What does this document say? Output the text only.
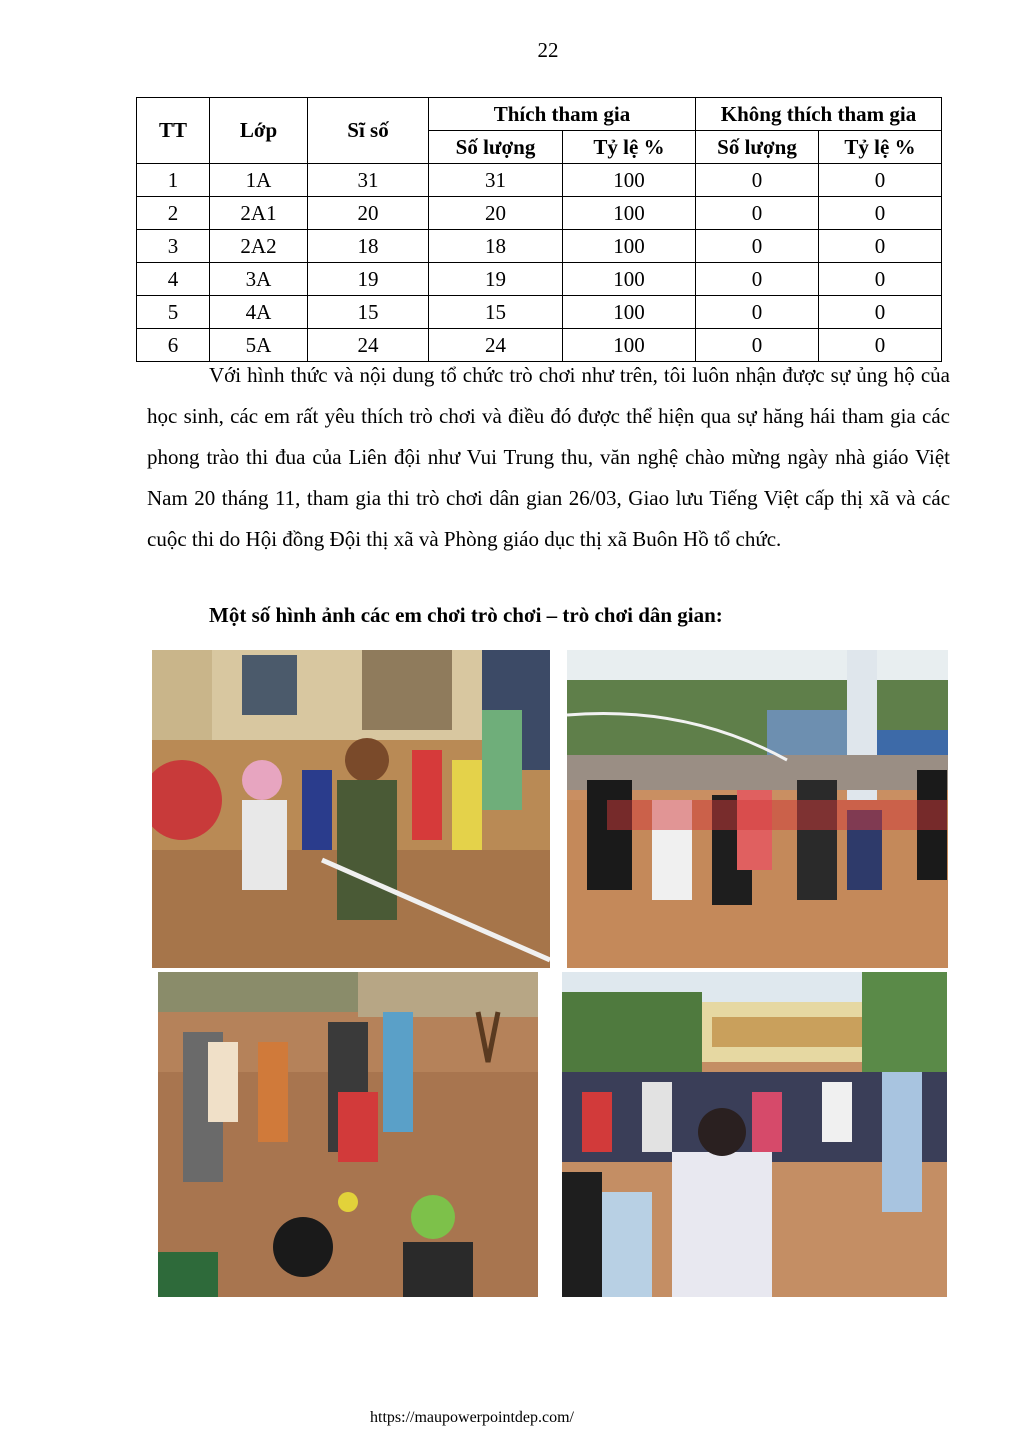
22
TT	Lớp	Sĩ số	Thích tham gia		Không thích tham gia	
			Số lượng	Tỷ lệ %	Số lượng	Tỷ lệ %
1	1A	31	31	100	0	0
2	2A1	20	20	100	0	0
3	2A2	18	18	100	0	0
4	3A	19	19	100	0	0
5	4A	15	15	100	0	0
6	5A	24	24	100	0	0

Với hình thức và nội dung tổ chức trò chơi như trên, tôi luôn nhận được sự ủng hộ của học sinh, các em rất yêu thích trò chơi và điều đó được thể hiện qua sự hăng hái tham gia các phong trào thi đua của Liên đội như Vui Trung thu, văn nghệ chào mừng ngày nhà giáo Việt Nam 20 tháng 11, tham gia thi trò chơi dân gian 26/03, Giao lưu Tiếng Việt cấp thị xã và các cuộc thi do Hội đồng Đội thị xã và Phòng giáo dục thị xã Buôn Hồ tổ chức.

Một số hình ảnh các em chơi trò chơi – trò chơi dân gian:
https://maupowerpointdep.com/
